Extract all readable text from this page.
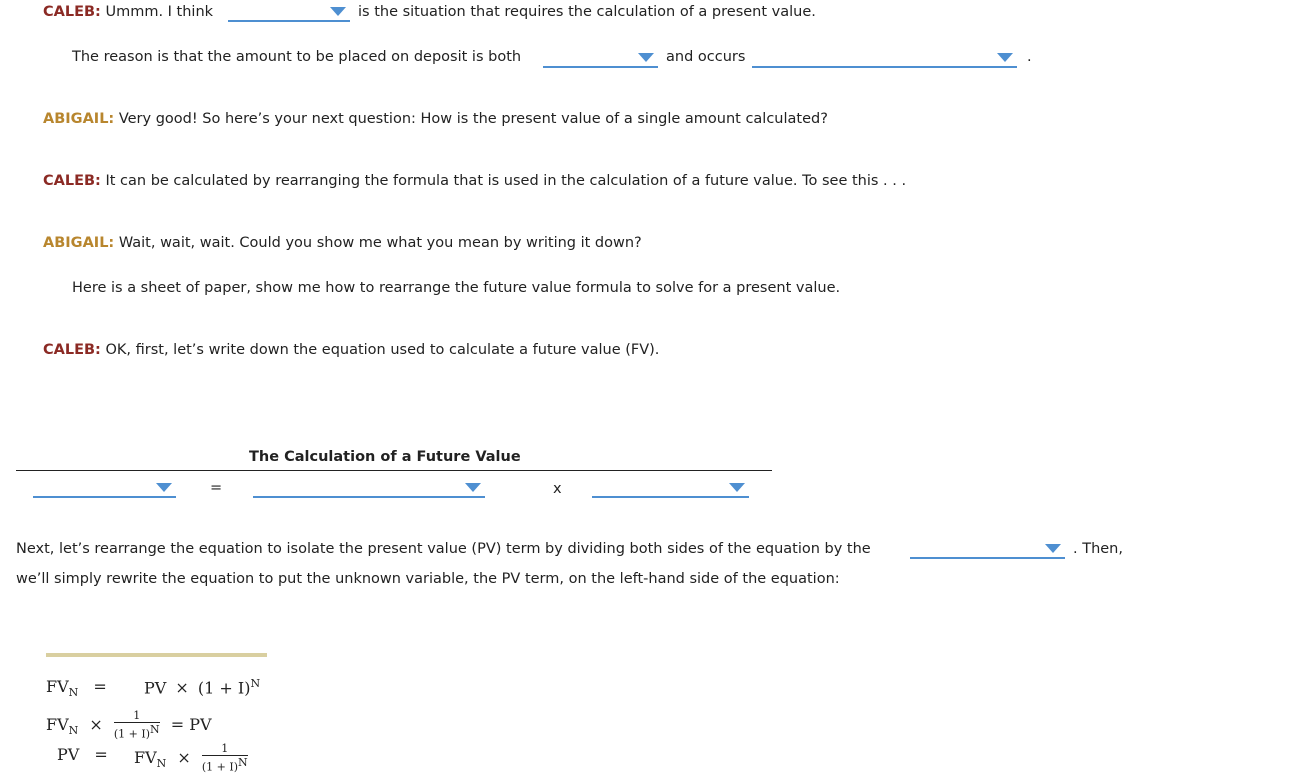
CALEB: Ummm. I think	is the situation that requires the calculation of a present value.
The reason is that the amount to be placed on deposit is both	and occurs	.
ABIGAIL: Very good! So here’s your next question: How is the present value of a single amount calculated?
CALEB: It can be calculated by rearranging the formula that is used in the calculation of a future value. To see this . . .
ABIGAIL: Wait, wait, wait. Could you show me what you mean by writing it down?
Here is a sheet of paper, show me how to rearrange the future value formula to solve for a present value.
CALEB: OK, first, let’s write down the equation used to calculate a future value (FV).
The Calculation of a Future Value
=	x
Next, let’s rearrange the equation to isolate the present value (PV) term by dividing both sides of the equation by the	. Then,
we’ll simply rewrite the equation to put the unknown variable, the PV term, on the left-hand side of the equation:
$FV_N$ = PV × $(1 + I)^N$
$FV_N \times \frac{1}{(1 + I)^N}$ = PV
PV = $FV_N \times \frac{1}{(1 + I)^N}$
